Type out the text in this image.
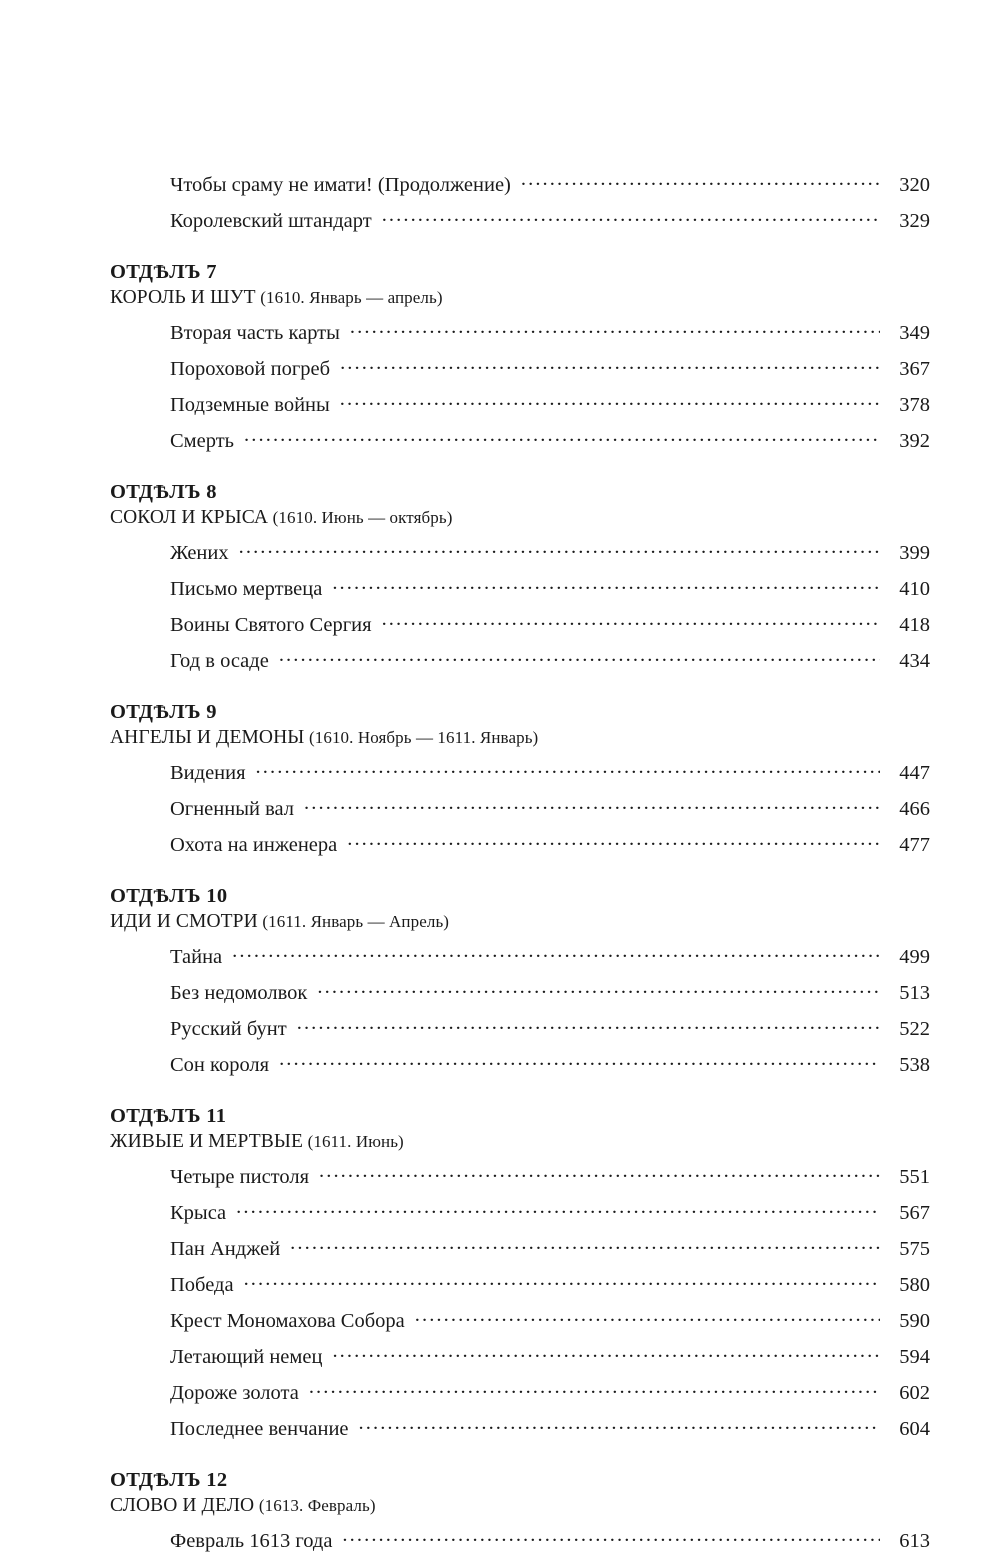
Чтобы сраму не имати! (Продолжение) .....	320
Королевский штандарт .....	329
ОТДѢЛЪ 7
КОРОЛЬ И ШУТ (1610. Январь — апрель)
Вторая часть карты .....	349
Пороховой погреб .....	367
Подземные войны .....	378
Смерть .....	392
ОТДѢЛЪ 8
СОКОЛ И КРЫСА (1610. Июнь — октябрь)
Жених .....	399
Письмо мертвеца .....	410
Воины Святого Сергия .....	418
Год в осаде .....	434
ОТДѢЛЪ 9
АНГЕЛЫ И ДЕМОНЫ (1610. Ноябрь — 1611. Январь)
Видения .....	447
Огненный вал .....	466
Охота на инженера .....	477
ОТДѢЛЪ 10
ИДИ И СМОТРИ (1611. Январь — Апрель)
Тайна .....	499
Без недомолвок .....	513
Русский бунт .....	522
Сон короля .....	538
ОТДѢЛЪ 11
ЖИВЫЕ И МЕРТВЫЕ (1611. Июнь)
Четыре пистоля .....	551
Крыса .....	567
Пан Анджей .....	575
Победа .....	580
Крест Мономахова Собора .....	590
Летающий немец .....	594
Дороже золота .....	602
Последнее венчание .....	604
ОТДѢЛЪ 12
СЛОВО И ДЕЛО (1613. Февраль)
Февраль 1613 года .....	613
